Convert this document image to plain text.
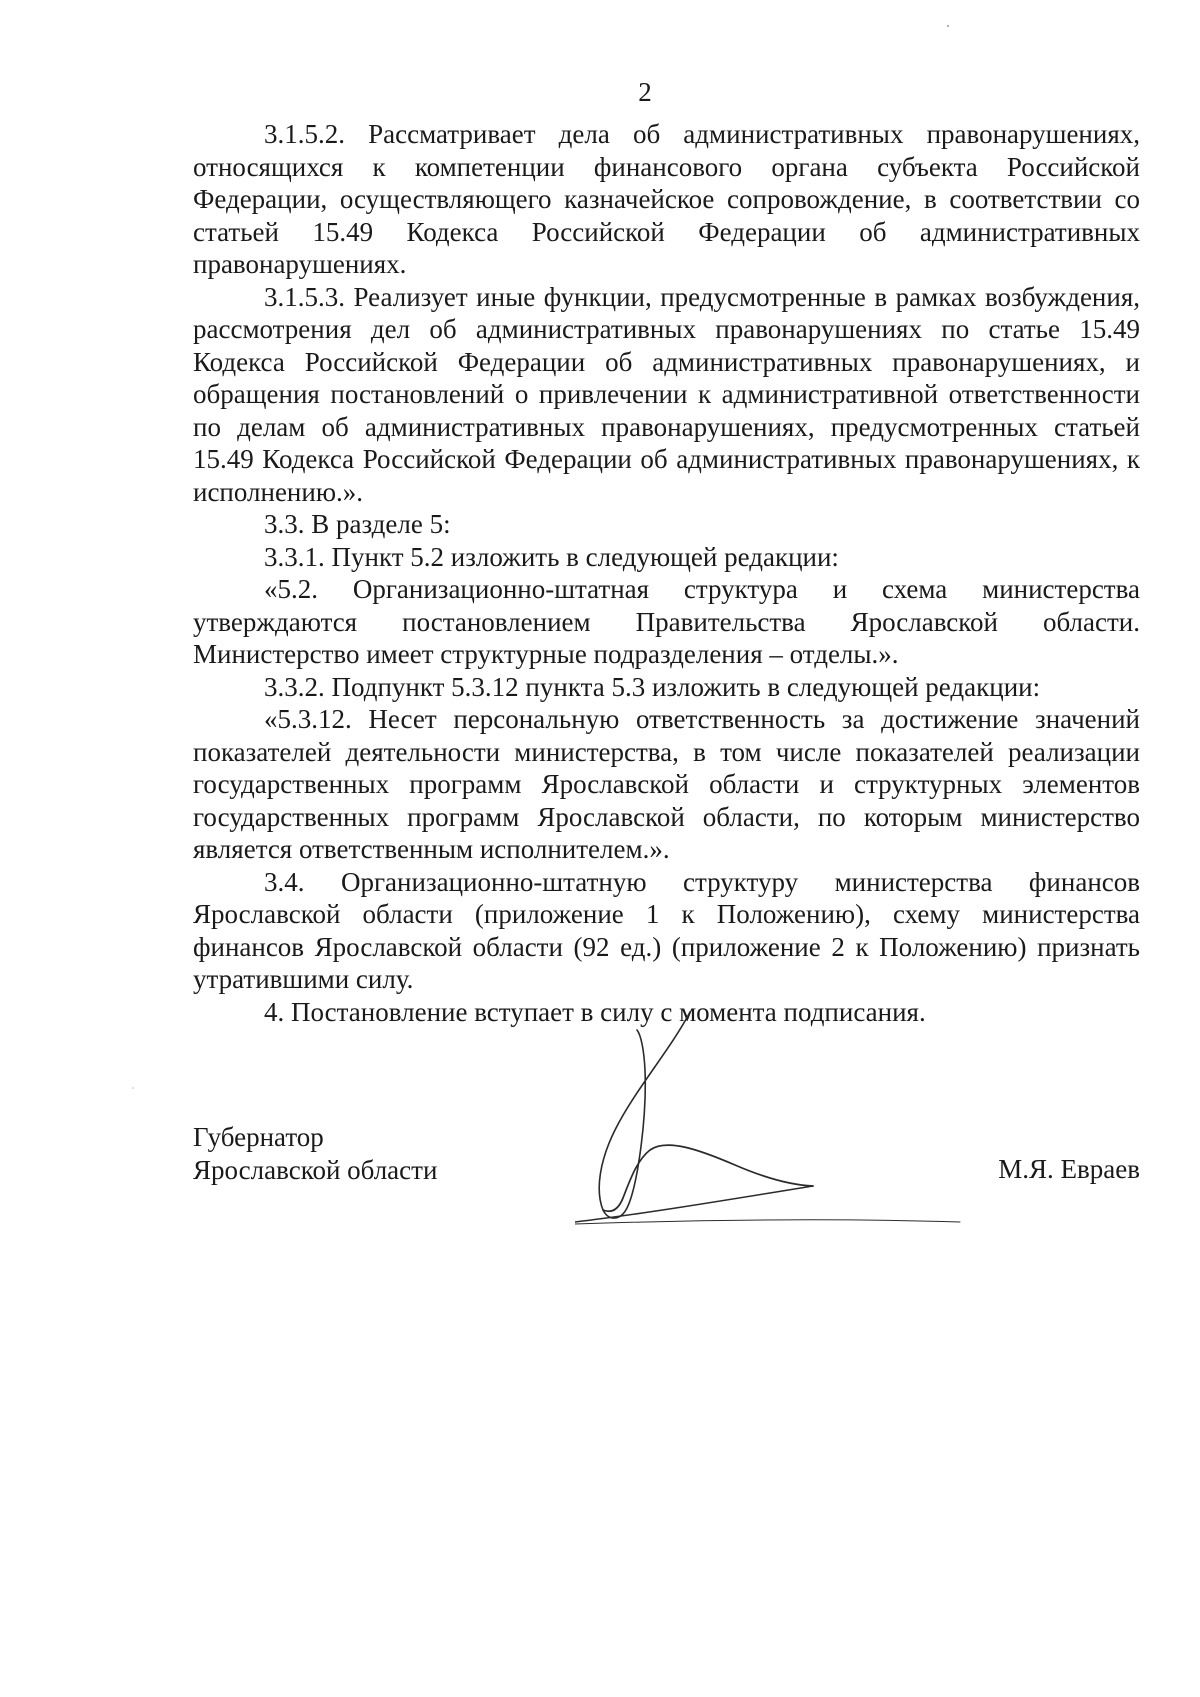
2

3.1.5.2. Рассматривает дела об административных правонарушениях, относящихся к компетенции финансового органа субъекта Российской Федерации, осуществляющего казначейское сопровождение, в соответствии со статьей 15.49 Кодекса Российской Федерации об административных правонарушениях.

3.1.5.3. Реализует иные функции, предусмотренные в рамках возбуждения, рассмотрения дел об административных правонарушениях по статье 15.49 Кодекса Российской Федерации об административных правонарушениях, и обращения постановлений о привлечении к административной ответственности по делам об административных правонарушениях, предусмотренных статьей 15.49 Кодекса Российской Федерации об административных правонарушениях, к исполнению.».

3.3. В разделе 5:

3.3.1. Пункт 5.2 изложить в следующей редакции:

«5.2. Организационно-штатная структура и схема министерства утверждаются постановлением Правительства Ярославской области. Министерство имеет структурные подразделения – отделы.».

3.3.2. Подпункт 5.3.12 пункта 5.3 изложить в следующей редакции:

«5.3.12. Несет персональную ответственность за достижение значений показателей деятельности министерства, в том числе показателей реализации государственных программ Ярославской области и структурных элементов государственных программ Ярославской области, по которым министерство является ответственным исполнителем.».

3.4. Организационно-штатную структуру министерства финансов Ярославской области (приложение 1 к Положению), схему министерства финансов Ярославской области (92 ед.) (приложение 2 к Положению) признать утратившими силу.

4. Постановление вступает в силу с момента подписания.

Губернатор
Ярославской области	М.Я. Евраев
